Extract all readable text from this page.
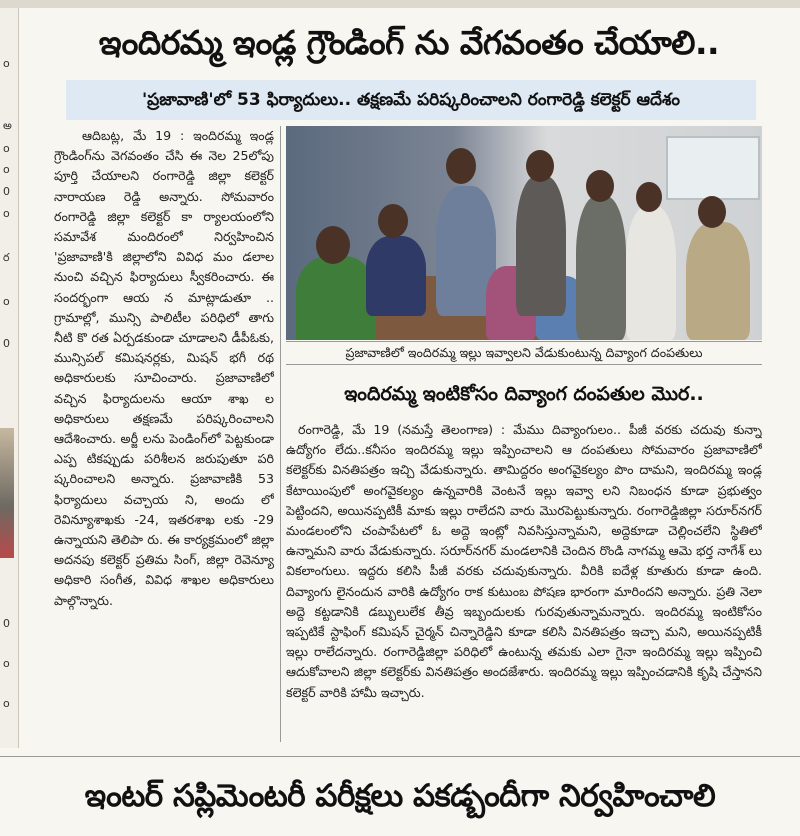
o
అ
o
o
0
o
ర
o
0
0
o
o
ఇందిరమ్మ ఇండ్ల గ్రౌండింగ్ ను వేగవంతం చేయాలి..
'ప్రజావాణి'లో 53 ఫిర్యాదులు.. తక్షణమే పరిష్కరించాలని రంగారెడ్డి కలెక్టర్ ఆదేశం

ఆదిబట్ల, మే 19 : ఇందిరమ్మ ఇండ్ల గ్రౌండింగ్‌ను వెగవంతం చేసి ఈ నెల 25లోపు పూర్తి చేయాలని రంగారెడ్డి జిల్లా కలెక్టర్ నారాయణ రెడ్డి అన్నారు. సోమవారం రంగారెడ్డి జిల్లా కలెక్టర్ కా ర్యాలయంలోని సమావేశ మందిరంలో నిర్వహించిన 'ప్రజావాణి'కి జిల్లాలోని వివిధ మం డలాల నుంచి వచ్చిన ఫిర్యాదులు స్వీకరించారు. ఈ సందర్భంగా ఆయ న మాట్లాడుతూ .. గ్రామాల్లో, మున్సి పాలిటీల పరిధిలో తాగు నీటి కొ రత ఏర్పడకుండా చూడాలని డీపీఓకు, మున్సిపల్ కమిషనర్లకు, మిషన్ భగీ రథ అధికారులకు సూచించారు. ప్రజావాణిలో వచ్చిన ఫిర్యాదులను ఆయా శాఖ ల అధికారులు తక్షణమే పరిష్కరించాలని ఆదేశించారు. అర్జీ లను పెండింగ్‌లో పెట్టకుండా ఎప్ప టికప్పుడు పరిశీలన జరుపుతూ పరి ష్కరించాలని అన్నారు. ప్రజావాణికి 53 ఫిర్యాదులు వచ్చాయ ని, అందు లో రెవిన్యూశాఖకు -24, ఇతరశాఖ లకు -29 ఉన్నాయని తెలిపా రు. ఈ కార్యక్రమంలో జిల్లా అదనపు కలెక్టర్ ప్రతిమ సింగ్, జిల్లా రెవెన్యూ అధికారి సంగీత, వివిధ శాఖల అధికారులు పాల్గొన్నారు.

ప్రజావాణిలో ఇందిరమ్మ ఇల్లు ఇవ్వాలని వేడుకుంటున్న దివ్యాంగ దంపతులు
ఇందిరమ్మ ఇంటికోసం దివ్యాంగ దంపతుల మొర..

రంగారెడ్డి, మే 19 (నమస్తే తెలంగాణ) : మేము దివ్యాంగులం.. పీజీ వరకు చదువు కున్నా ఉద్యోగం లేదు..కనీసం ఇందిరమ్మ ఇల్లు ఇప్పించాలని ఆ దంపతులు సోమవారం ప్రజావాణిలో కలెక్టర్‌కు వినతిపత్రం ఇచ్చి వేడుకున్నారు. తామిద్దరం అంగవైకల్యం పొం దామని, ఇందిరమ్మ ఇండ్ల కేటాయింపులో అంగవైకల్యం ఉన్నవారికి వెంటనే ఇల్లు ఇవ్వా లని నిబంధన కూడా ప్రభుత్వం పెట్టిందని, అయినప్పటికీ మాకు ఇల్లు రాలేదని వారు మొరపెట్టుకున్నారు. రంగారెడ్డిజిల్లా సరూర్‌నగర్ మండలంలోని చంపాపేటలో ఓ అద్దె ఇంట్లో నివసిస్తున్నామని, అద్దెకూడా చెల్లించలేని స్థితిలో ఉన్నామని వారు వేడుకున్నారు. సరూర్‌నగర్ మండలానికి చెందిన రొండి నాగమ్మ ఆమె భర్త నాగేశ్ లు వికలాంగులు. ఇద్దరు కలిసి పీజీ వరకు చదువుకున్నారు. వీరికి ఐదేళ్ల కూతురు కూడా ఉంది. దివ్యాంగు లైనందున వారికి ఉద్యోగం రాక కుటుంబ పోషణ భారంగా మారిందని అన్నారు. ప్రతి నెలా అద్దె కట్టడానికి డబ్బులులేక తీవ్ర ఇబ్బందులకు గురవుతున్నామన్నారు. ఇందిరమ్మ ఇంటికోసం ఇప్పటికే స్టాఫింగ్ కమిషన్ చైర్మన్ చిన్నారెడ్డిని కూడా కలిసి వినతిపత్రం ఇచ్చా మని, అయినప్పటికీ ఇల్లు రాలేదన్నారు. రంగారెడ్డిజిల్లా పరిధిలో ఉంటున్న తమకు ఎలా గైనా ఇందిరమ్మ ఇల్లు ఇప్పించి ఆదుకోవాలని జిల్లా కలెక్టర్‌కు వినతిపత్రం అందజేశారు. ఇందిరమ్మ ఇల్లు ఇప్పించడానికి కృషి చేస్తానని కలెక్టర్ వారికి హామీ ఇచ్చారు.

ఇంటర్ సప్లిమెంటరీ పరీక్షలు పకడ్బందీగా నిర్వహించాలి
